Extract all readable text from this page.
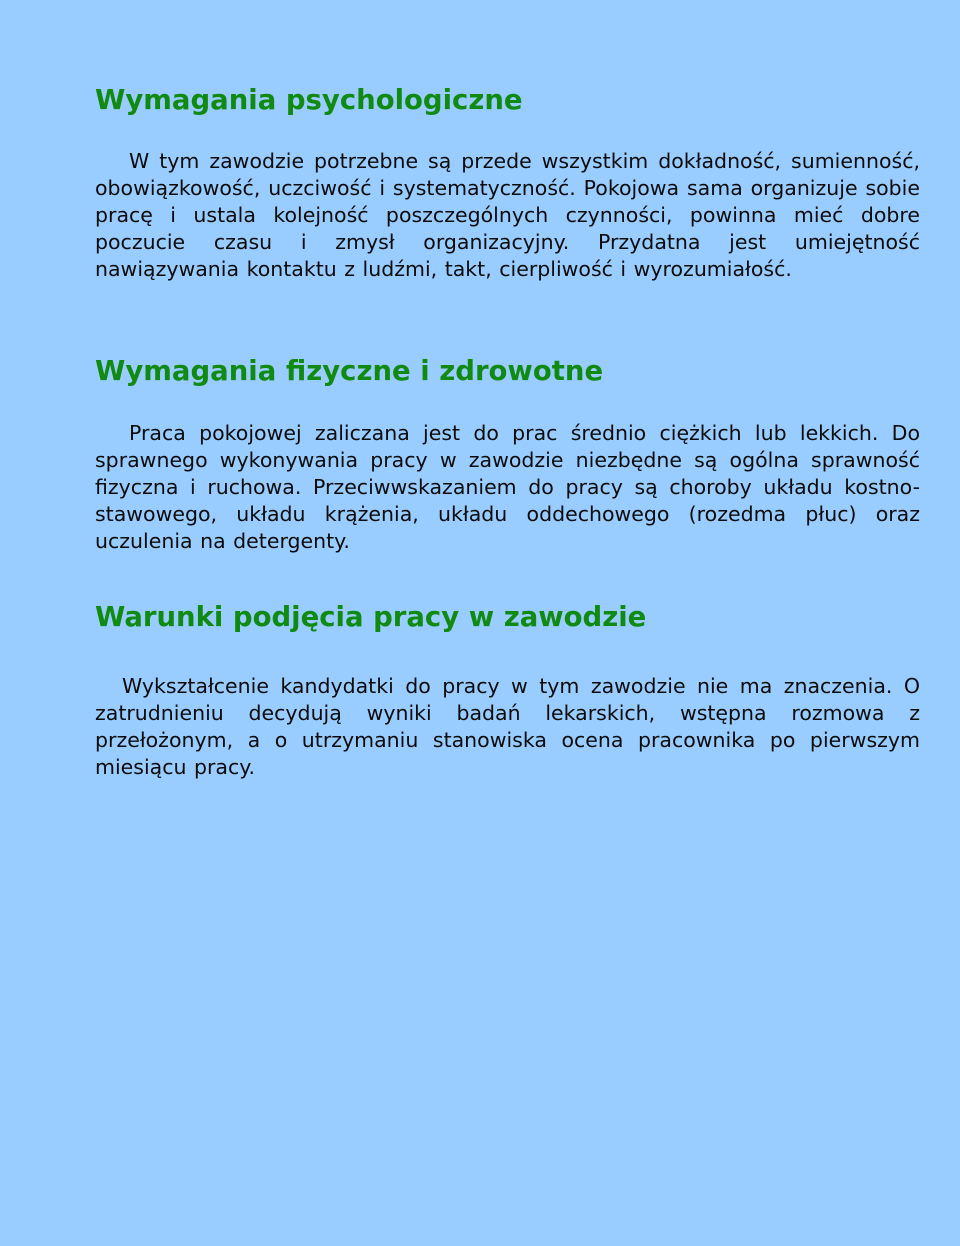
Wymagania psychologiczne

W tym zawodzie potrzebne są przede wszystkim dokładność, sumienność, obowiązkowość, uczciwość i systematyczność. Pokojowa sama organizuje sobie pracę i ustala kolejność poszczególnych czynności, powinna mieć dobre poczucie czasu i zmysł organizacyjny. Przydatna jest umiejętność nawiązywania kontaktu z ludźmi, takt, cierpliwość i wyrozumiałość.

Wymagania fizyczne i zdrowotne

Praca pokojowej zaliczana jest do prac średnio ciężkich lub lekkich. Do sprawnego wykonywania pracy w zawodzie niezbędne są ogólna sprawność fizyczna i ruchowa. Przeciwwskazaniem do pracy są choroby układu kostno-stawowego, układu krążenia, układu oddechowego (rozedma płuc) oraz uczulenia na detergenty.

Warunki podjęcia pracy w zawodzie

Wykształcenie kandydatki do pracy w tym zawodzie nie ma znaczenia. O zatrudnieniu decydują wyniki badań lekarskich, wstępna rozmowa z przełożonym, a o utrzymaniu stanowiska ocena pracownika po pierwszym miesiącu pracy.
